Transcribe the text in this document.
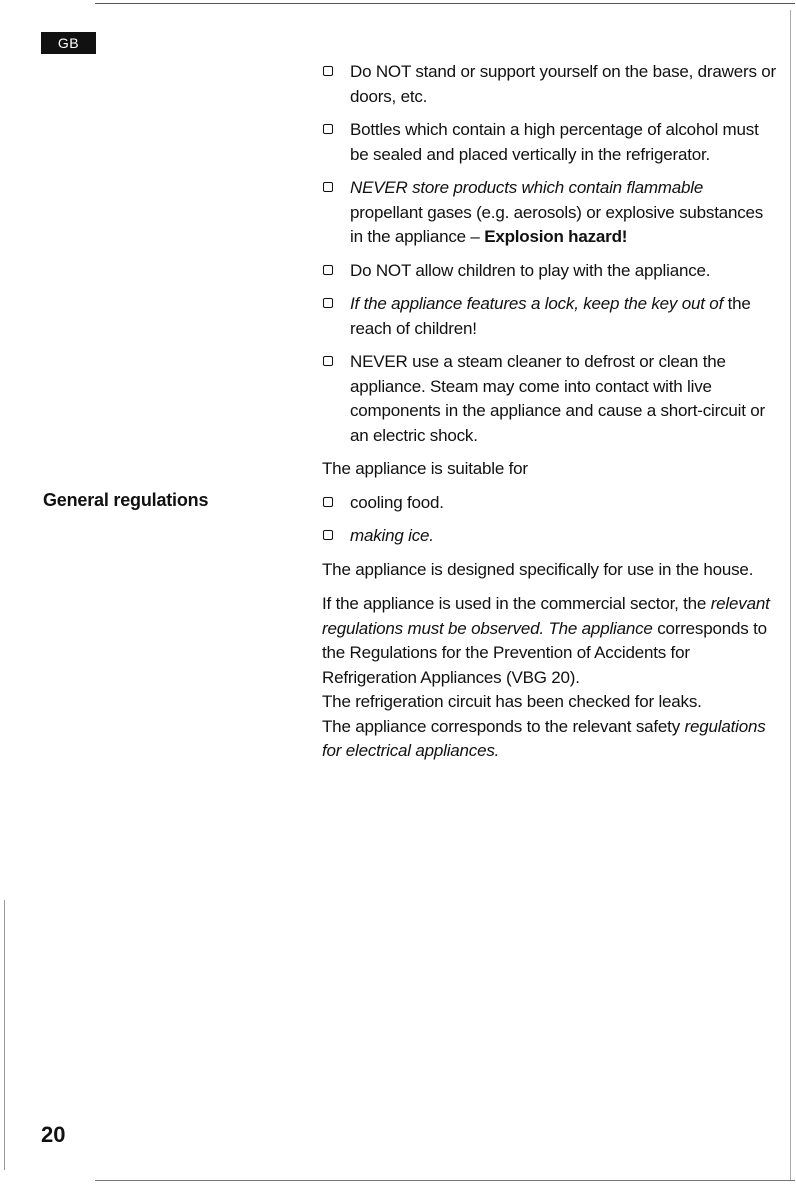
GB
General regulations
Do NOT stand or support yourself on the base, drawers or doors, etc.
Bottles which contain a high percentage of alcohol must be sealed and placed vertically in the refrigerator.
NEVER store products which contain flammable propellant gases (e.g. aerosols) or explosive substances in the appliance – Explosion hazard!
Do NOT allow children to play with the appliance.
If the appliance features a lock, keep the key out of the reach of children!
NEVER use a steam cleaner to defrost or clean the appliance. Steam may come into contact with live components in the appliance and cause a short-circuit or an electric shock.
The appliance is suitable for
cooling food.
making ice.
The appliance is designed specifically for use in the house.
If the appliance is used in the commercial sector, the relevant regulations must be observed. The appliance corresponds to the Regulations for the Prevention of Accidents for Refrigeration Appliances (VBG 20).
The refrigeration circuit has been checked for leaks.
The appliance corresponds to the relevant safety regulations for electrical appliances.
20
